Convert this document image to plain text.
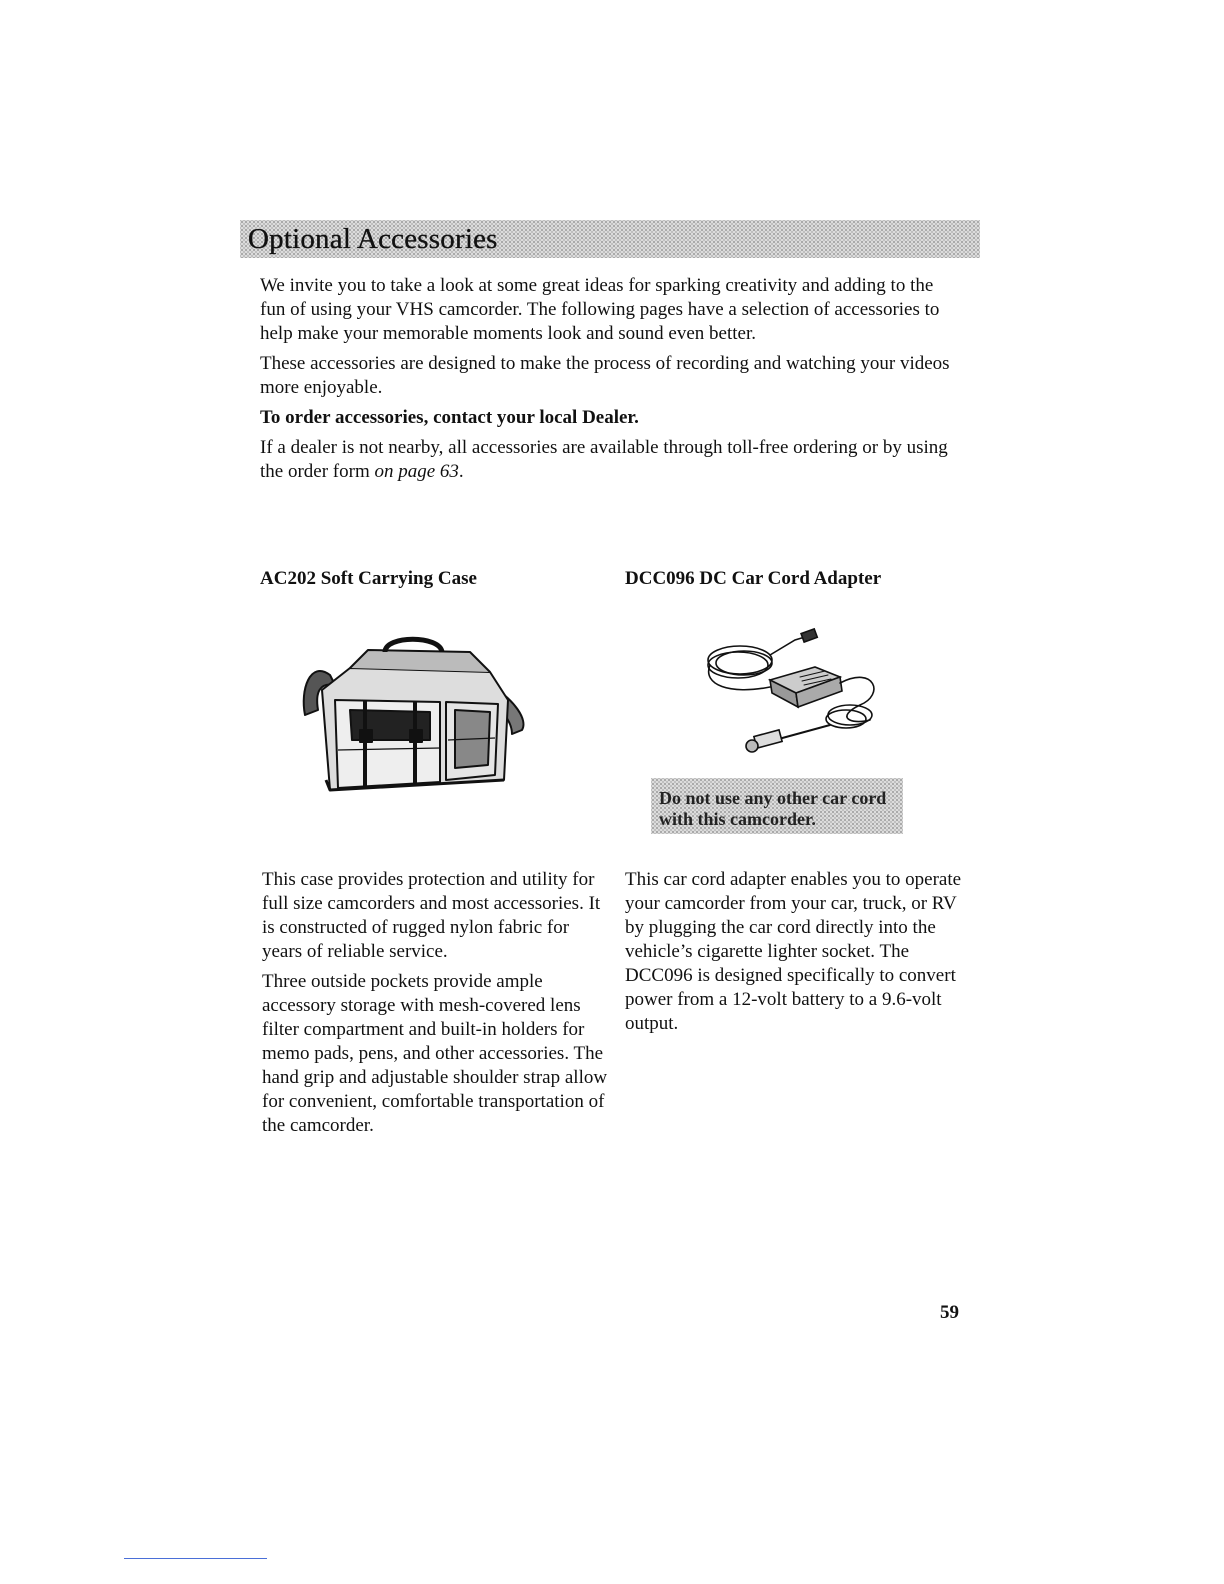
Optional Accessories

We invite you to take a look at some great ideas for sparking creativity and adding to the fun of using your VHS camcorder. The following pages have a selection of accessories to help make your memorable moments look and sound even better.

These accessories are designed to make the process of recording and watching your videos more enjoyable.

To order accessories, contact your local Dealer.

If a dealer is not nearby, all accessories are available through toll-free ordering or by using the order form on page 63.

AC202 Soft Carrying Case	DCC096 DC Car Cord Adapter

Do not use any other car cord with this camcorder.

This case provides protection and utility for full size camcorders and most accessories. It is constructed of rugged nylon fabric for years of reliable service.

Three outside pockets provide ample accessory storage with mesh-covered lens filter compartment and built-in holders for memo pads, pens, and other accessories. The hand grip and adjustable shoulder strap allow for convenient, comfortable transportation of the camcorder.

This car cord adapter enables you to operate your camcorder from your car, truck, or RV by plugging the car cord directly into the vehicle’s cigarette lighter socket. The DCC096 is designed specifically to convert power from a 12-volt battery to a 9.6-volt output.

59
